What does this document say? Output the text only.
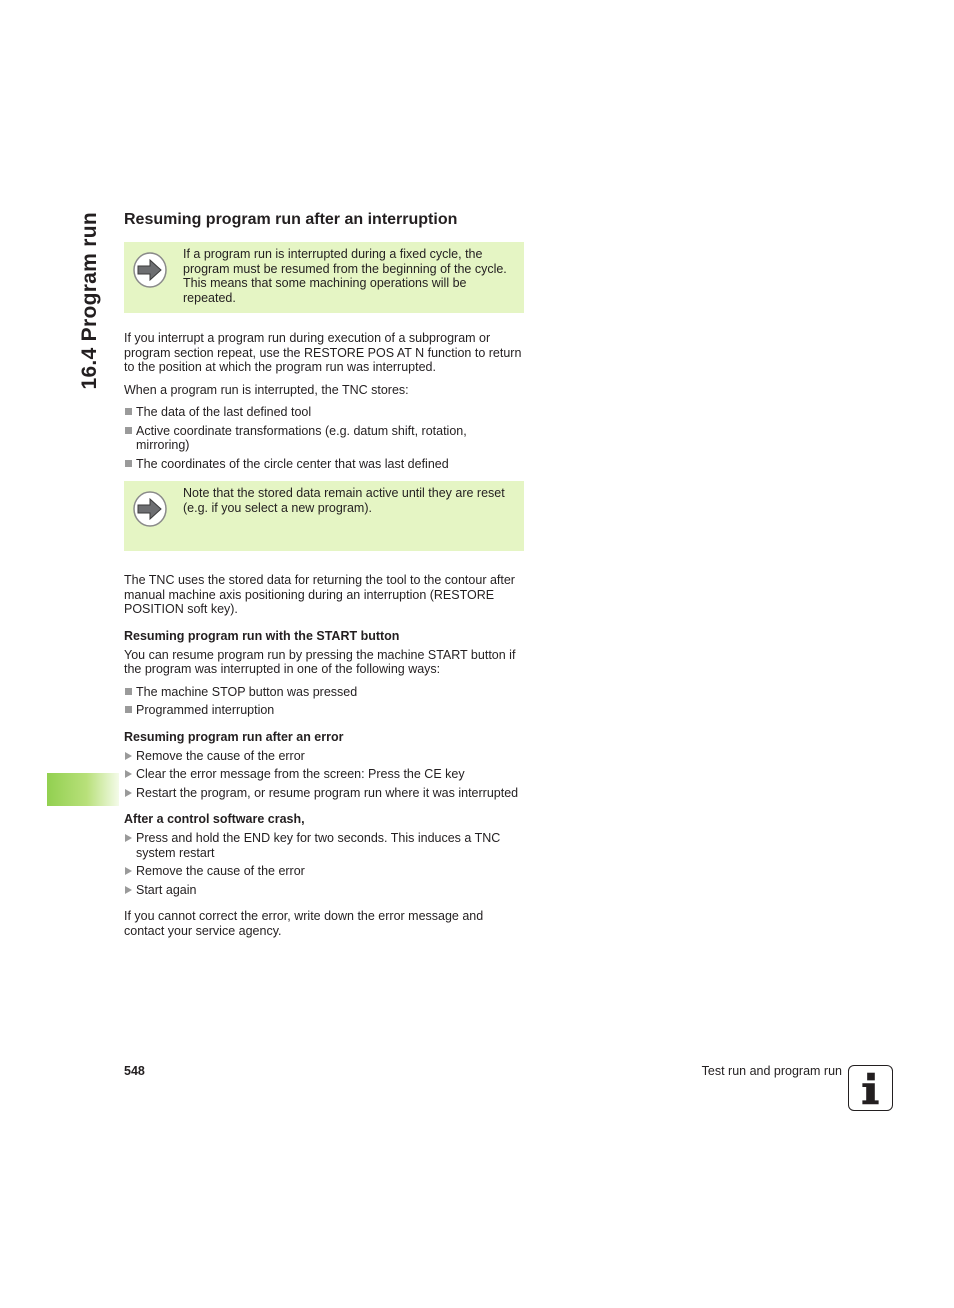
16.4 Program run	Resuming program run after an interruption
If a program run is interrupted during a fixed cycle, the program must be resumed from the beginning of the cycle. This means that some machining operations will be repeated.

If you interrupt a program run during execution of a subprogram or program section repeat, use the RESTORE POS AT N function to return to the position at which the program run was interrupted.

When a program run is interrupted, the TNC stores:

The data of the last defined tool
Active coordinate transformations (e.g. datum shift, rotation, mirroring)
The coordinates of the circle center that was last defined
Note that the stored data remain active until they are reset (e.g. if you select a new program).

The TNC uses the stored data for returning the tool to the contour after manual machine axis positioning during an interruption (RESTORE POSITION soft key).

Resuming program run with the START button

You can resume program run by pressing the machine START button if the program was interrupted in one of the following ways:

The machine STOP button was pressed
Programmed interruption
Resuming program run after an error
Remove the cause of the error
Clear the error message from the screen: Press the CE key
Restart the program, or resume program run where it was interrupted
After a control software crash,
Press and hold the END key for two seconds. This induces a TNC system restart
Remove the cause of the error
Start again

If you cannot correct the error, write down the error message and contact your service agency.

548	Test run and program run
